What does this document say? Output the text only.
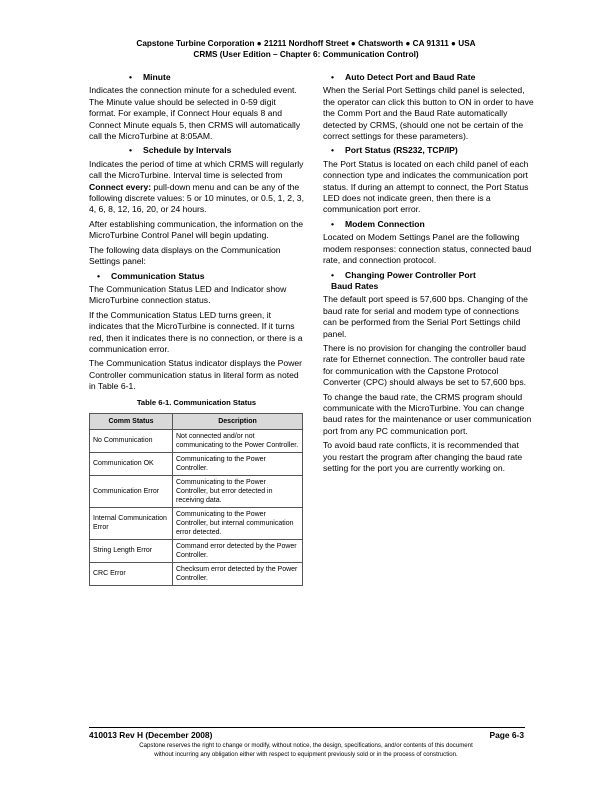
Capstone Turbine Corporation ● 21211 Nordhoff Street ● Chatsworth ● CA 91311 ● USA
CRMS (User Edition – Chapter 6: Communication Control)
• Minute

Indicates the connection minute for a scheduled event. The Minute value should be selected in 0-59 digit format. For example, if Connect Hour equals 8 and Connect Minute equals 5, then CRMS will automatically call the MicroTurbine at 8:05AM.

• Schedule by Intervals

Indicates the period of time at which CRMS will regularly call the MicroTurbine. Interval time is selected from Connect every: pull-down menu and can be any of the following discrete values: 5 or 10 minutes, or 0.5, 1, 2, 3, 4, 6, 8, 12, 16, 20, or 24 hours.

After establishing communication, the information on the MicroTurbine Control Panel will begin updating.

The following data displays on the Communication Settings panel:

• Communication Status

The Communication Status LED and Indicator show MicroTurbine connection status.

If the Communication Status LED turns green, it indicates that the MicroTurbine is connected. If it turns red, then it indicates there is no connection, or there is a communication error.

The Communication Status indicator displays the Power Controller communication status in literal form as noted in Table 6-1.

Table 6-1. Communication Status
Comm Status	Description
No Communication	Not connected and/or not communicating to the Power Controller.
Communication OK	Communicating to the Power Controller.
Communication Error	Communicating to the Power Controller, but error detected in receiving data.
Internal Communication Error	Communicating to the Power Controller, but internal communication error detected.
String Length Error	Command error detected by the Power Controller.
CRC Error	Checksum error detected by the Power Controller.
• Auto Detect Port and Baud Rate

When the Serial Port Settings child panel is selected, the operator can click this button to ON in order to have the Comm Port and the Baud Rate automatically detected by CRMS, (should one not be certain of the correct settings for these parameters).

• Port Status (RS232, TCP/IP)

The Port Status is located on each child panel of each connection type and indicates the communication port status. If during an attempt to connect, the Port Status LED does not indicate green, then there is a communication port error.

• Modem Connection

Located on Modem Settings Panel are the following modem responses: connection status, connected baud rate, and connection protocol.

• Changing Power Controller Port
Baud Rates

The default port speed is 57,600 bps. Changing of the baud rate for serial and modem type of connections can be performed from the Serial Port Settings child panel.

There is no provision for changing the controller baud rate for Ethernet connection. The controller baud rate for communication with the Capstone Protocol Converter (CPC) should always be set to 57,600 bps.

To change the baud rate, the CRMS program should communicate with the MicroTurbine. You can change baud rates for the maintenance or user communication port from any PC communication port.

To avoid baud rate conflicts, it is recommended that you restart the program after changing the baud rate setting for the port you are currently working on.

410013 Rev H (December 2008)	Page 6-3
Capstone reserves the right to change or modify, without notice, the design, specifications, and/or contents of this document
without incurring any obligation either with respect to equipment previously sold or in the process of construction.
